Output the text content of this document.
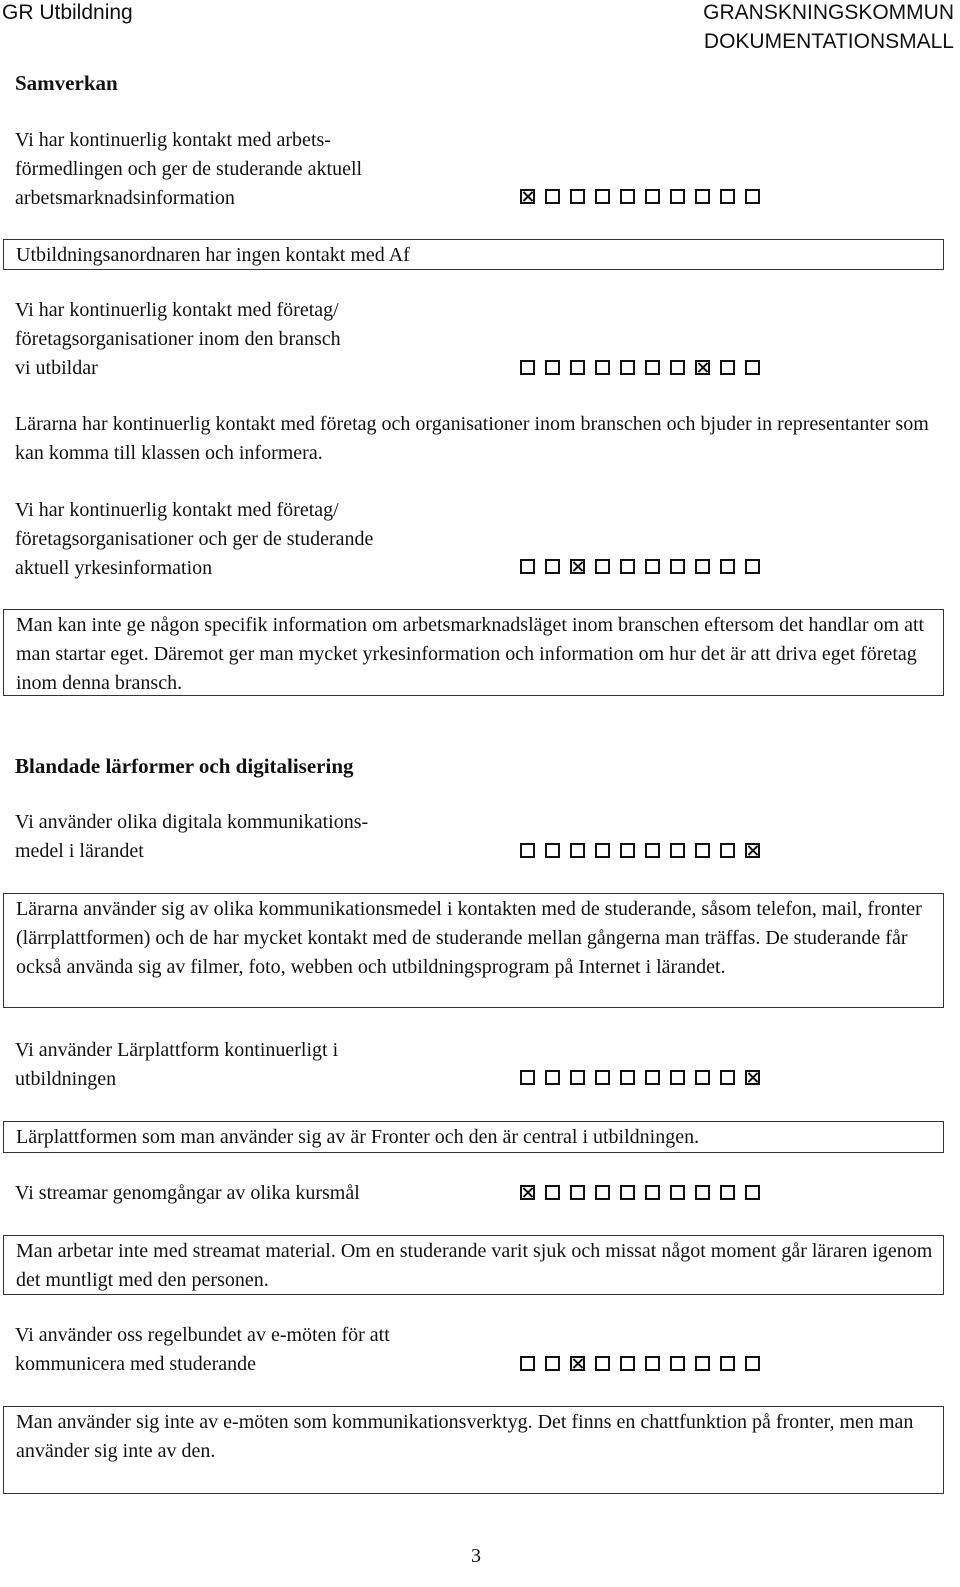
GR Utbildning	GRANSKNINGSKOMMUN
DOKUMENTATIONSMALL
Samverkan
Vi har kontinuerlig kontakt med arbets-
förmedlingen och ger de studerande aktuell
arbetsmarknadsinformation
Utbildningsanordnaren har ingen kontakt med Af
Vi har kontinuerlig kontakt med företag/
företagsorganisationer inom den bransch
vi utbildar
Lärarna har kontinuerlig kontakt med företag och organisationer inom branschen och bjuder in representanter som kan komma till klassen och informera.
Vi har kontinuerlig kontakt med företag/
företagsorganisationer och ger de studerande
aktuell yrkesinformation
Man kan inte ge någon specifik information om arbetsmarknadsläget inom branschen eftersom det handlar om att man startar eget. Däremot ger man mycket yrkesinformation och information om hur det är att driva eget företag inom denna bransch.
Blandade lärformer och digitalisering
Vi använder olika digitala kommunikations-
medel i lärandet
Lärarna använder sig av olika kommunikationsmedel i kontakten med de studerande, såsom telefon, mail, fronter (lärrplattformen) och de har mycket kontakt med de studerande mellan gångerna man träffas. De studerande får också använda sig av filmer, foto, webben och utbildningsprogram på Internet i lärandet.
Vi använder Lärplattform kontinuerligt i
utbildningen
Lärplattformen som man använder sig av är Fronter och den är central i utbildningen.
Vi streamar genomgångar av olika kursmål
Man arbetar inte med streamat material. Om en studerande varit sjuk och missat något moment går läraren igenom det muntligt med den personen.
Vi använder oss regelbundet av e-möten för att
kommunicera med studerande
Man använder sig inte av e-möten som kommunikationsverktyg. Det finns en chattfunktion på fronter, men man använder sig inte av den.
3
